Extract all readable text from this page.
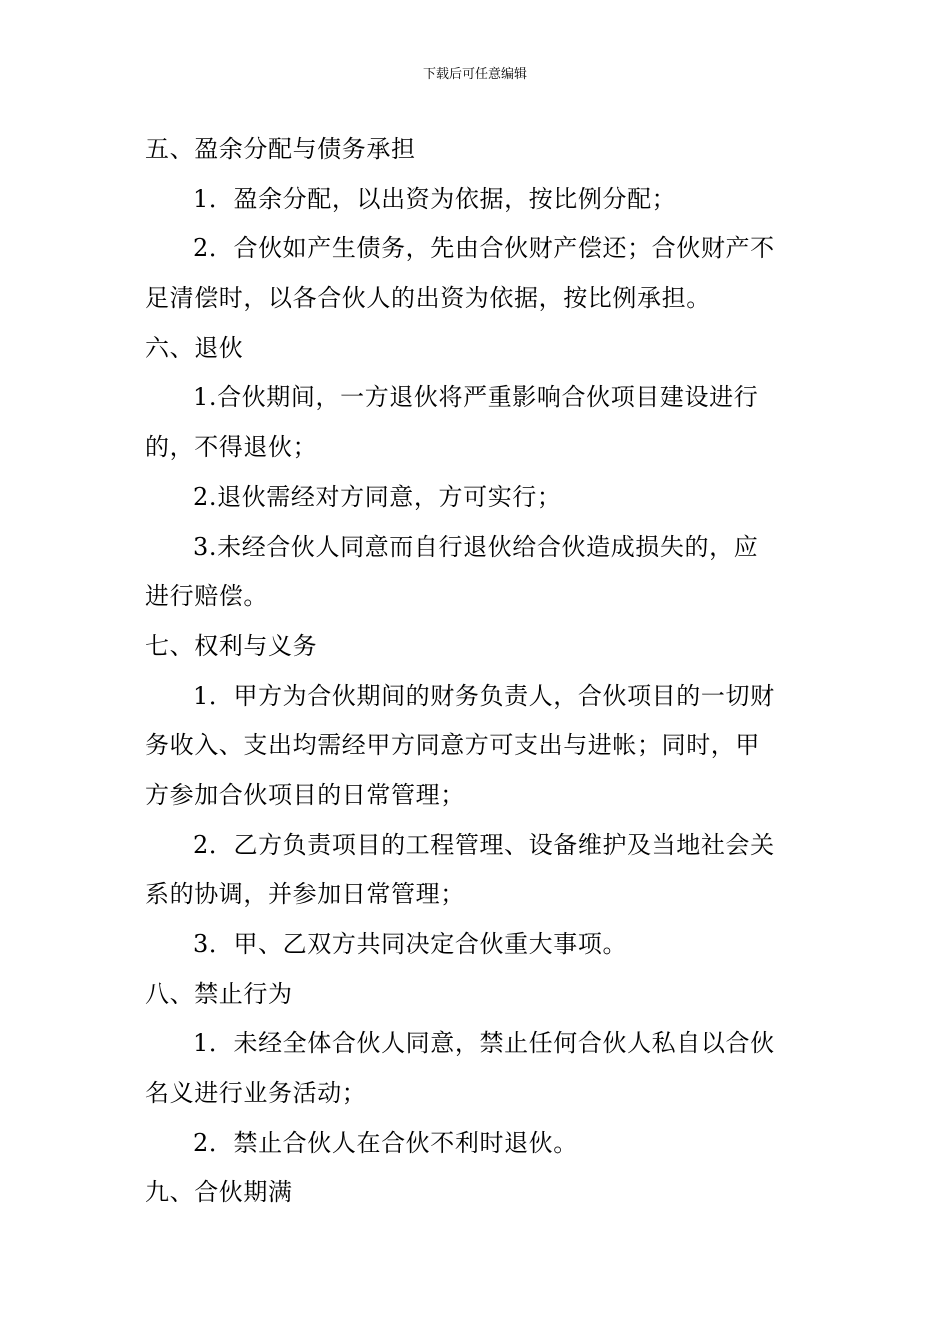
下载后可任意编辑
五、盈余分配与债务承担
1．盈余分配，以出资为依据，按比例分配；
2．合伙如产生债务，先由合伙财产偿还；合伙财产不
足清偿时，以各合伙人的出资为依据，按比例承担。
六、退伙
1.合伙期间，一方退伙将严重影响合伙项目建设进行
的，不得退伙；
2.退伙需经对方同意，方可实行；
3.未经合伙人同意而自行退伙给合伙造成损失的，应
进行赔偿。
七、权利与义务
1．甲方为合伙期间的财务负责人，合伙项目的一切财
务收入、支出均需经甲方同意方可支出与进帐；同时，甲
方参加合伙项目的日常管理；
2．乙方负责项目的工程管理、设备维护及当地社会关
系的协调，并参加日常管理；
3．甲、乙双方共同决定合伙重大事项。
八、禁止行为
1．未经全体合伙人同意，禁止任何合伙人私自以合伙
名义进行业务活动；
2．禁止合伙人在合伙不利时退伙。
九、合伙期满
